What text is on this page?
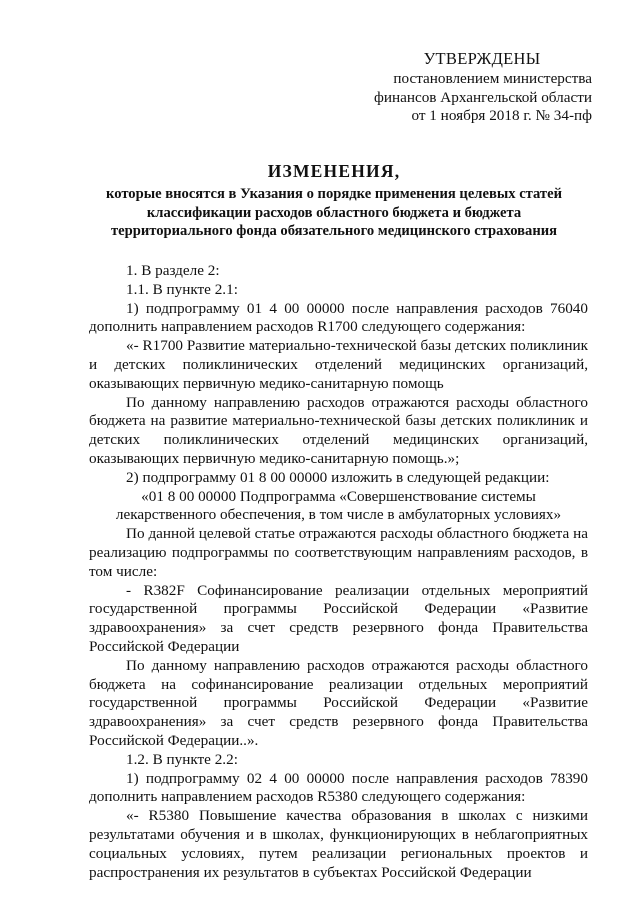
УТВЕРЖДЕНЫ
постановлением министерства
финансов Архангельской области
от 1 ноября 2018 г. № 34-пф
ИЗМЕНЕНИЯ,
которые вносятся в Указания о порядке применения целевых статей
классификации расходов областного бюджета и бюджета
территориального фонда обязательного медицинского страхования

1. В разделе 2:

1.1. В пункте 2.1:

1) подпрограмму 01 4 00 00000 после направления расходов 76040 дополнить направлением расходов R1700 следующего содержания:

«- R1700 Развитие материально-технической базы детских поликлиник и детских поликлинических отделений медицинских организаций, оказывающих первичную медико-санитарную помощь

По данному направлению расходов отражаются расходы областного бюджета на развитие материально-технической базы детских поликлиник и детских поликлинических отделений медицинских организаций, оказывающих первичную медико-санитарную помощь.»;

2) подпрограмму 01 8 00 00000 изложить в следующей редакции:

«01 8 00 00000 Подпрограмма «Совершенствование системы

лекарственного обеспечения, в том числе в амбулаторных условиях»

По данной целевой статье отражаются расходы областного бюджета на реализацию подпрограммы по соответствующим направлениям расходов, в том числе:

- R382F Софинансирование реализации отдельных мероприятий государственной программы Российской Федерации «Развитие здравоохранения» за счет средств резервного фонда Правительства Российской Федерации

По данному направлению расходов отражаются расходы областного бюджета на софинансирование реализации отдельных мероприятий государственной программы Российской Федерации «Развитие здравоохранения» за счет средств резервного фонда Правительства Российской Федерации..».

1.2. В пункте 2.2:

1) подпрограмму 02 4 00 00000 после направления расходов 78390 дополнить направлением расходов R5380 следующего содержания:

«- R5380 Повышение качества образования в школах с низкими результатами обучения и в школах, функционирующих в неблагоприятных социальных условиях, путем реализации региональных проектов и распространения их результатов в субъектах Российской Федерации
